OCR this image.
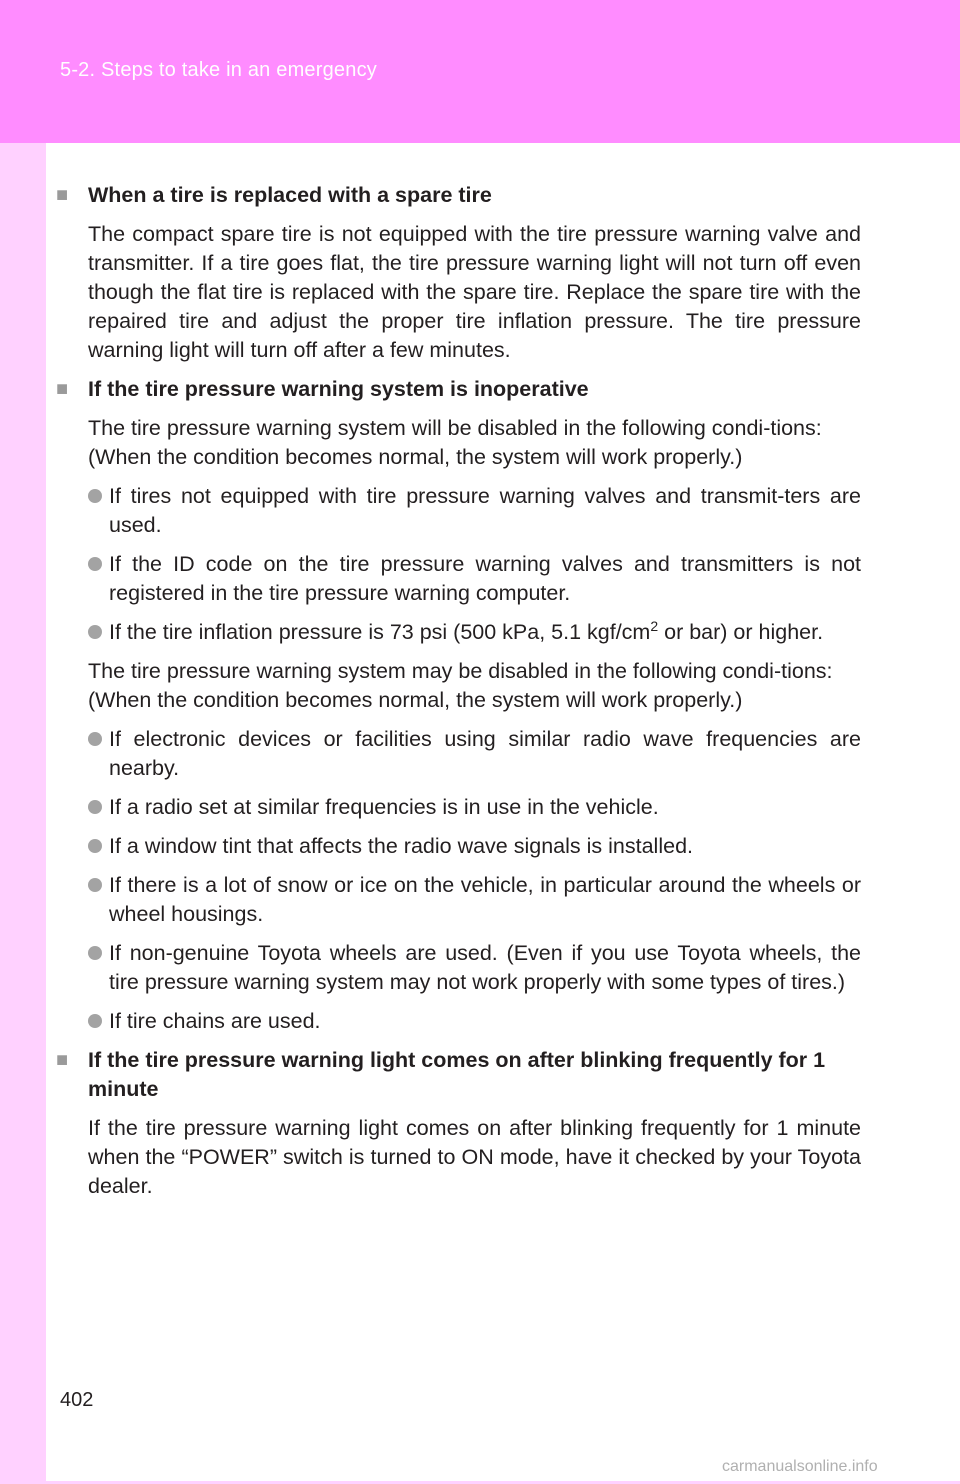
5-2. Steps to take in an emergency

■ When a tire is replaced with a spare tire

The compact spare tire is not equipped with the tire pressure warning valve and transmitter. If a tire goes flat, the tire pressure warning light will not turn off even though the flat tire is replaced with the spare tire. Replace the spare tire with the repaired tire and adjust the proper tire inflation pressure. The tire pressure warning light will turn off after a few minutes.

■ If the tire pressure warning system is inoperative

The tire pressure warning system will be disabled in the following condi-tions:

(When the condition becomes normal, the system will work properly.)

If tires not equipped with tire pressure warning valves and transmit-ters are used.
If the ID code on the tire pressure warning valves and transmitters is not registered in the tire pressure warning computer.
If the tire inflation pressure is 73 psi (500 kPa, 5.1 kgf/$cm^2$ or bar) or higher.

The tire pressure warning system may be disabled in the following condi-tions:

(When the condition becomes normal, the system will work properly.)

If electronic devices or facilities using similar radio wave frequencies are nearby.
If a radio set at similar frequencies is in use in the vehicle.
If a window tint that affects the radio wave signals is installed.
If there is a lot of snow or ice on the vehicle, in particular around the wheels or wheel housings.
If non-genuine Toyota wheels are used. (Even if you use Toyota wheels, the tire pressure warning system may not work properly with some types of tires.)
If tire chains are used.

■ If the tire pressure warning light comes on after blinking frequently for 1 minute

If the tire pressure warning light comes on after blinking frequently for 1 minute when the “POWER” switch is turned to ON mode, have it checked by your Toyota dealer.

402
carmanualsonline.info
